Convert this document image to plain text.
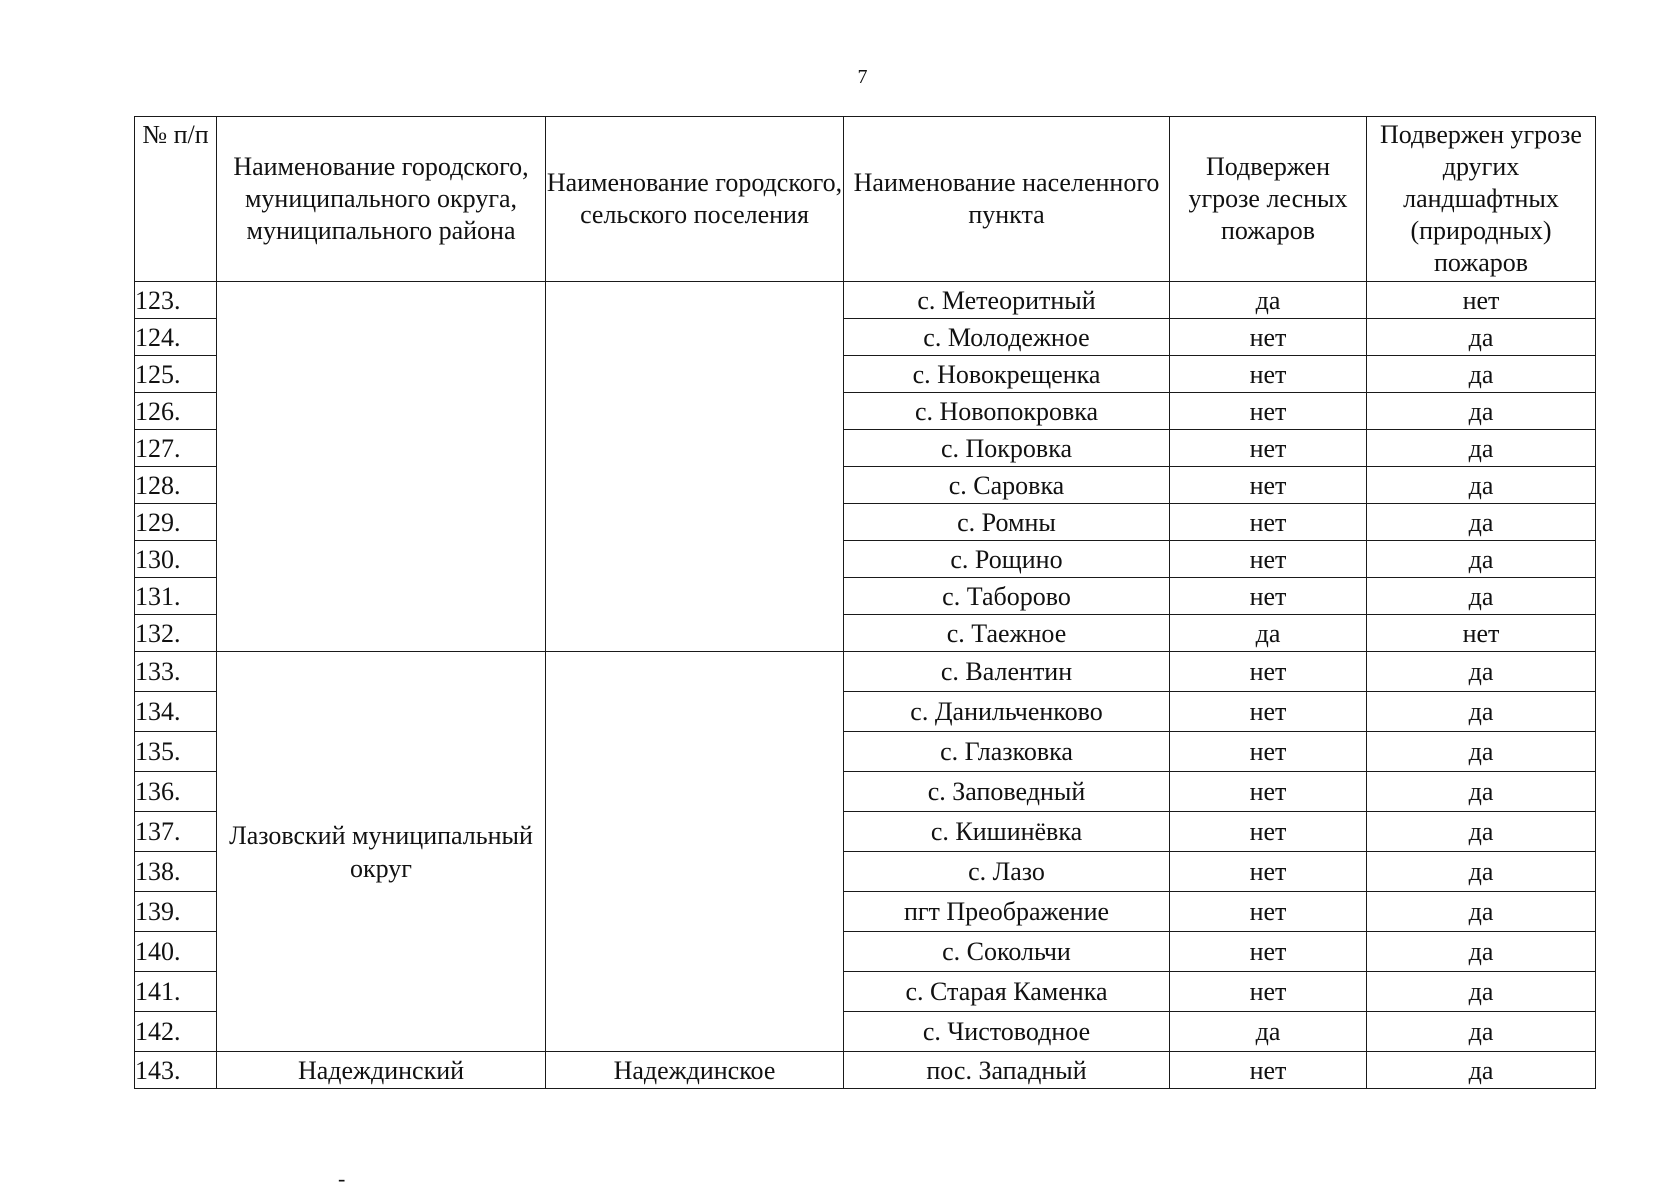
7
№ п/п	Наименование городского, муниципального округа, муниципального района	Наименование городского, сельского поселения	Наименование населенного пункта	Подвержен угрозе лесных пожаров	Подвержен угрозе других ландшафтных (природных) пожаров
123.			с. Метеоритный	да	нет
124.			с. Молодежное	нет	да
125.			с. Новокрещенка	нет	да
126.			с. Новопокровка	нет	да
127.			с. Покровка	нет	да
128.			с. Саровка	нет	да
129.			с. Ромны	нет	да
130.			с. Рощино	нет	да
131.			с. Таборово	нет	да
132.			с. Таежное	да	нет
133.	Лазовский муниципальный округ		с. Валентин	нет	да
134.			с. Данильченково	нет	да
135.			с. Глазковка	нет	да
136.			с. Заповедный	нет	да
137.			с. Кишинёвка	нет	да
138.			с. Лазо	нет	да
139.			пгт Преображение	нет	да
140.			с. Сокольчи	нет	да
141.			с. Старая Каменка	нет	да
142.			с. Чистоводное	да	да
143.	Надеждинский	Надеждинское	пос. Западный	нет	да
-
